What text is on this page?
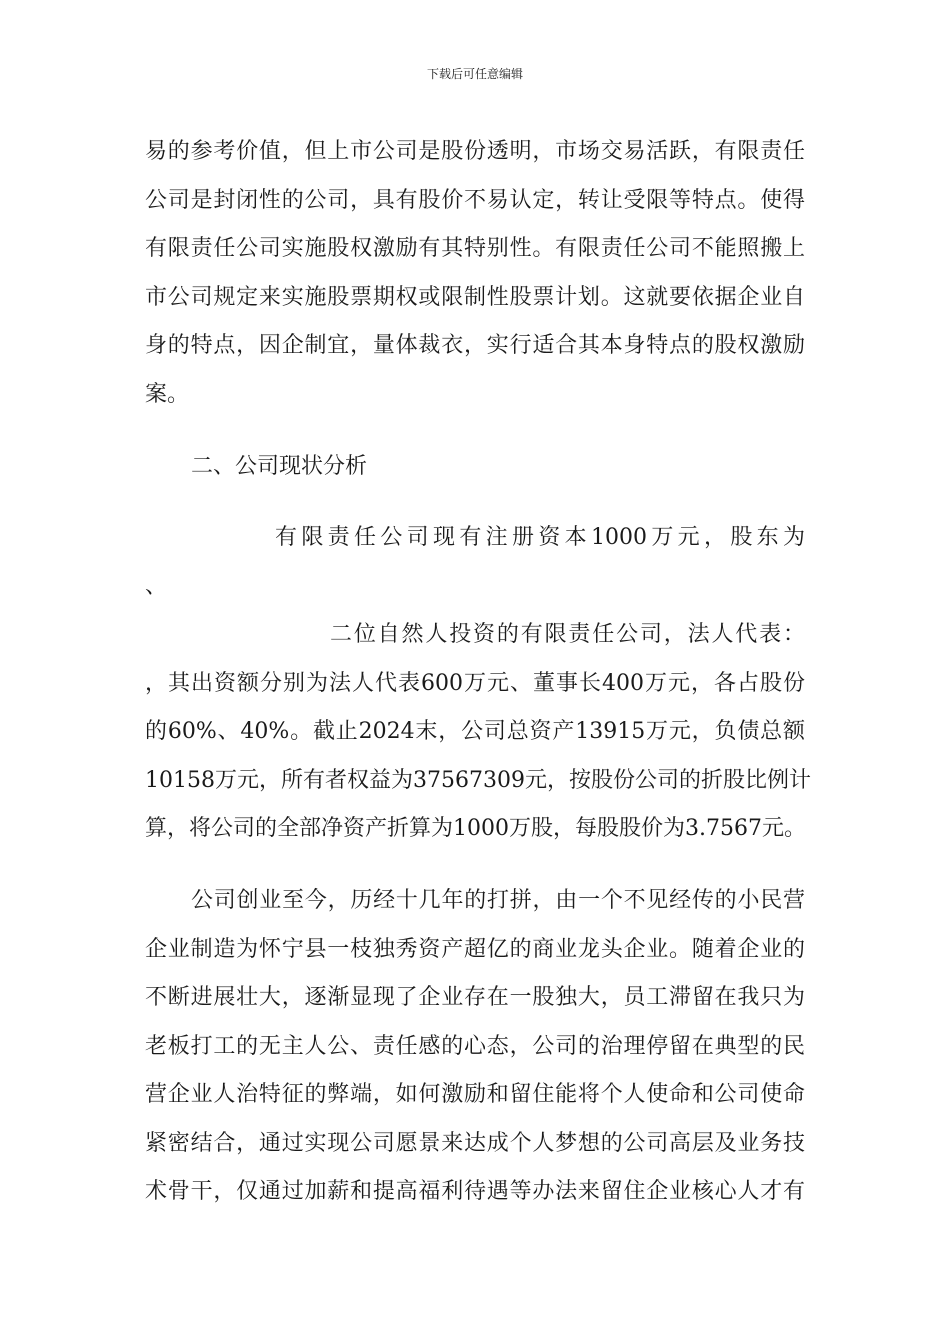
下载后可任意编辑
易的参考价值，但上市公司是股份透明，市场交易活跃，有限责任
公司是封闭性的公司，具有股价不易认定，转让受限等特点。使得
有限责任公司实施股权激励有其特别性。有限责任公司不能照搬上
市公司规定来实施股票期权或限制性股票计划。这就要依据企业自
身的特点，因企制宜，量体裁衣，实行适合其本身特点的股权激励
案。
二、公司现状分析
有限责任公司现有注册资本1000万元，股东为
、
二位自然人投资的有限责任公司，法人代表：
，其出资额分别为法人代表600万元、董事长400万元，各占股份
的60%、40%。截止2024末，公司总资产13915万元，负债总额
10158万元，所有者权益为37567309元，按股份公司的折股比例计
算，将公司的全部净资产折算为1000万股，每股股价为3.7567元。
公司创业至今，历经十几年的打拼，由一个不见经传的小民营
企业制造为怀宁县一枝独秀资产超亿的商业龙头企业。随着企业的
不断进展壮大，逐渐显现了企业存在一股独大，员工滞留在我只为
老板打工的无主人公、责任感的心态，公司的治理停留在典型的民
营企业人治特征的弊端，如何激励和留住能将个人使命和公司使命
紧密结合，通过实现公司愿景来达成个人梦想的公司高层及业务技
术骨干，仅通过加薪和提高福利待遇等办法来留住企业核心人才有
